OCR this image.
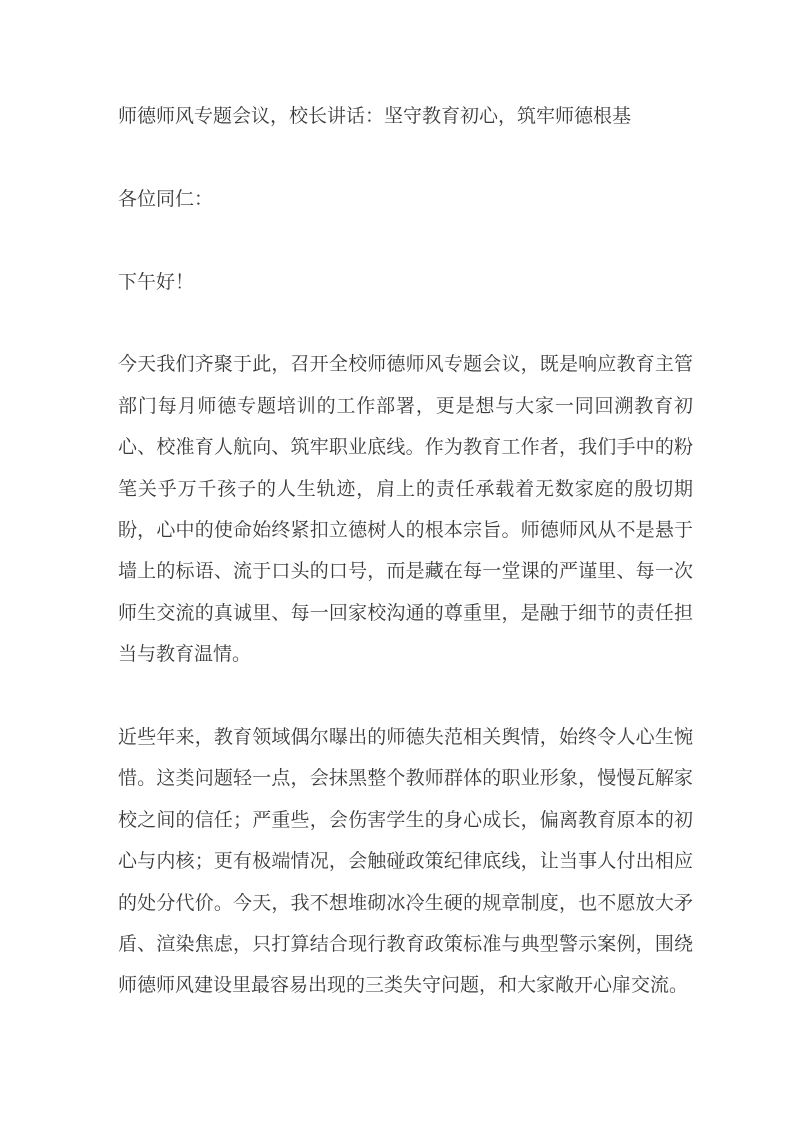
师德师风专题会议，校长讲话：坚守教育初心，筑牢师德根基
各位同仁：
下午好！
今天我们齐聚于此，召开全校师德师风专题会议，既是响应教育主管部门每月师德专题培训的工作部署，更是想与大家一同回溯教育初心、校准育人航向、筑牢职业底线。作为教育工作者，我们手中的粉笔关乎万千孩子的人生轨迹，肩上的责任承载着无数家庭的殷切期盼，心中的使命始终紧扣立德树人的根本宗旨。师德师风从不是悬于墙上的标语、流于口头的口号，而是藏在每一堂课的严谨里、每一次师生交流的真诚里、每一回家校沟通的尊重里，是融于细节的责任担当与教育温情。
近些年来，教育领域偶尔曝出的师德失范相关舆情，始终令人心生惋惜。这类问题轻一点，会抹黑整个教师群体的职业形象，慢慢瓦解家校之间的信任；严重些，会伤害学生的身心成长，偏离教育原本的初心与内核；更有极端情况，会触碰政策纪律底线，让当事人付出相应的处分代价。今天，我不想堆砌冰冷生硬的规章制度，也不愿放大矛盾、渲染焦虑，只打算结合现行教育政策标准与典型警示案例，围绕师德师风建设里最容易出现的三类失守问题，和大家敞开心扉交流。
